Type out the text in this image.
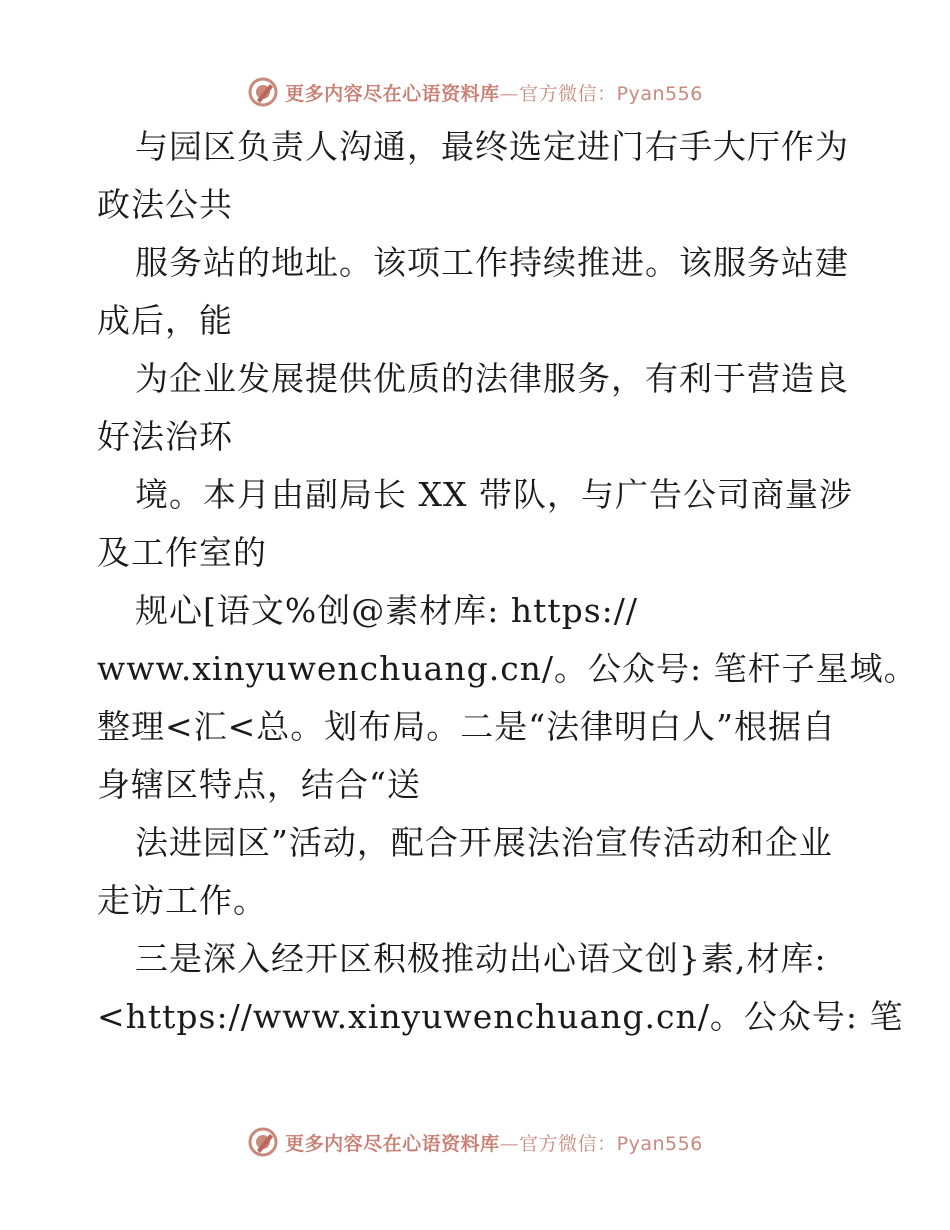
更多内容尽在心语资料库—官方微信：Pyan556
与园区负责人沟通，最终选定进门右手大厅作为
政法公共
服务站的地址。该项工作持续推进。该服务站建
成后，能
为企业发展提供优质的法律服务，有利于营造良
好法治环
境。本月由副局长 XX 带队，与广告公司商量涉
及工作室的
规心[语文%创@素材库: https://
www.xinyuwenchuang.cn/。公众号: 笔杆子星域。
整理<汇<总。划布局。二是“法律明白人”根据自
身辖区特点，结合“送
法进园区”活动，配合开展法治宣传活动和企业
走访工作。
三是深入经开区积极推动出心语文创}素,材库:
<https://www.xinyuwenchuang.cn/。公众号: 笔
更多内容尽在心语资料库—官方微信：Pyan556
